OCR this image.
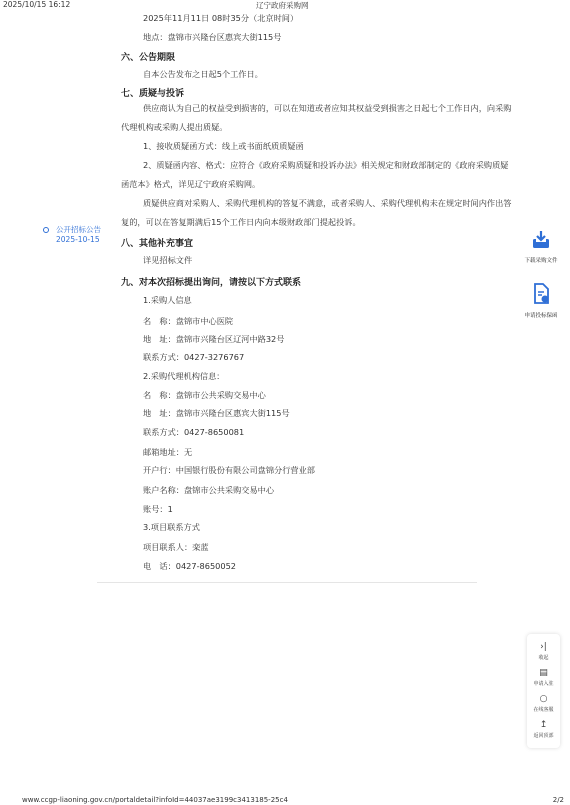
2025/10/15 16:12	辽宁政府采购网
2025年11月11日 08时35分（北京时间）
地点：盘锦市兴隆台区惠宾大街115号
六、公告期限
自本公告发布之日起5个工作日。
七、质疑与投诉
供应商认为自己的权益受到损害的，可以在知道或者应知其权益受到损害之日起七个工作日内，向采购代理机构或采购人提出质疑。
1、接收质疑函方式：线上或书面纸质质疑函
2、质疑函内容、格式：应符合《政府采购质疑和投诉办法》相关规定和财政部制定的《政府采购质疑函范本》格式，详见辽宁政府采购网。
质疑供应商对采购人、采购代理机构的答复不满意，或者采购人、采购代理机构未在规定时间内作出答复的，可以在答复期满后15个工作日内向本级财政部门提起投诉。
八、其他补充事宜
详见招标文件
九、对本次招标提出询问，请按以下方式联系
1.采购人信息
名　称：盘锦市中心医院
地　址：盘锦市兴隆台区辽河中路32号
联系方式：0427-3276767
2.采购代理机构信息：
名　称：盘锦市公共采购交易中心
地　址：盘锦市兴隆台区惠宾大街115号
联系方式：0427-8650081
邮箱地址：无
开户行：中国银行股份有限公司盘锦分行营业部
账户名称：盘锦市公共采购交易中心
账号：1
3.项目联系方式
项目联系人：栾蓝
电　话：0427-8650052
公开招标公告
2025-10-15
下载采购文件
申请投标保函
›|
收起
▤
申请入驻
○
在线客服
↥
返回顶部
www.ccgp-liaoning.gov.cn/portaldetail?infoId=44037ae3199c3413185-25c4	2/2
